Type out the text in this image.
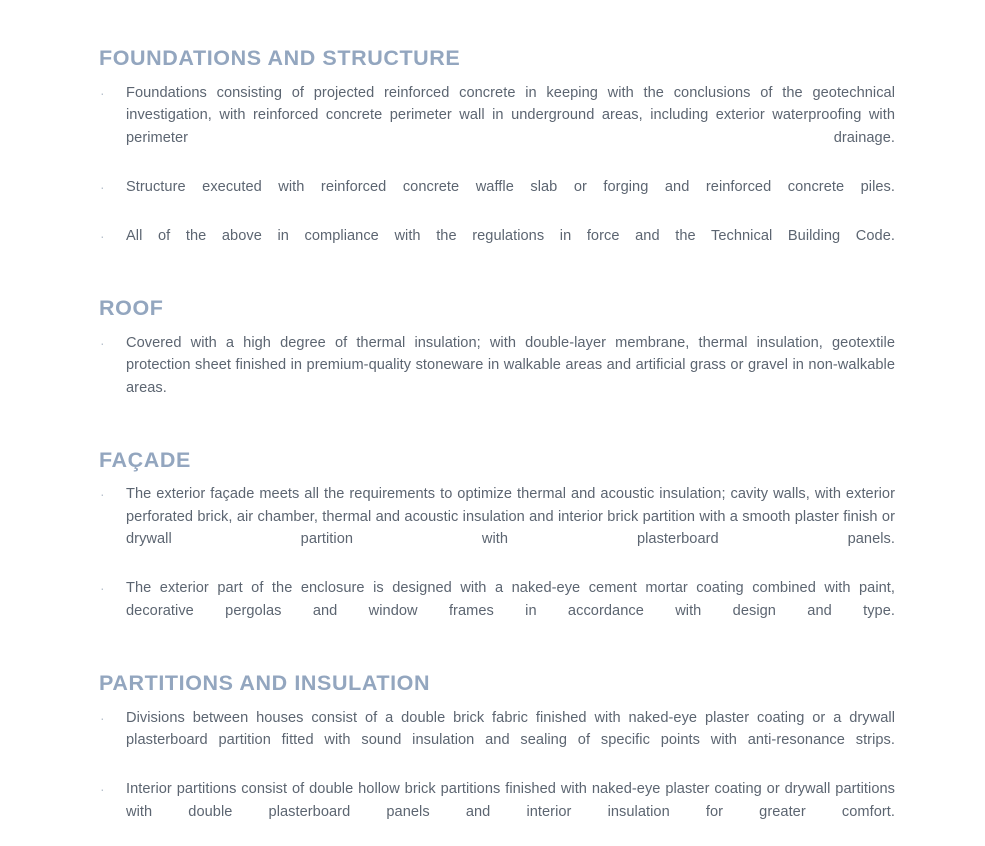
FOUNDATIONS AND STRUCTURE
·	Foundations consisting of projected reinforced concrete in keeping with the conclusions of the geotechnical investigation, with reinforced concrete perimeter wall in underground areas, including exterior waterproofing with perimeter drainage.
·	Structure executed with reinforced concrete waffle slab or forging and reinforced concrete piles.
·	All of the above in compliance with the regulations in force and the Technical Building Code.
ROOF
·	Covered with a high degree of thermal insulation; with double-layer membrane, thermal insulation, geotextile protection sheet finished in premium-quality stoneware in walkable areas and artificial grass or gravel in non-walkable areas.
FAÇADE
·	The exterior façade meets all the requirements to optimize thermal and acoustic insulation; cavity walls, with exterior perforated brick, air chamber, thermal and acoustic insulation and interior brick partition with a smooth plaster finish or drywall partition with plasterboard panels.
·	The exterior part of the enclosure is designed with a naked-eye cement mortar coating combined with paint, decorative pergolas and window frames in accordance with design and type.
PARTITIONS AND INSULATION
·	Divisions between houses consist of a double brick fabric finished with naked-eye plaster coating or a drywall plasterboard partition fitted with sound insulation and sealing of specific points with anti-resonance strips.
·	Interior partitions consist of double hollow brick partitions finished with naked-eye plaster coating or drywall partitions with double plasterboard panels and interior insulation for greater comfort.
